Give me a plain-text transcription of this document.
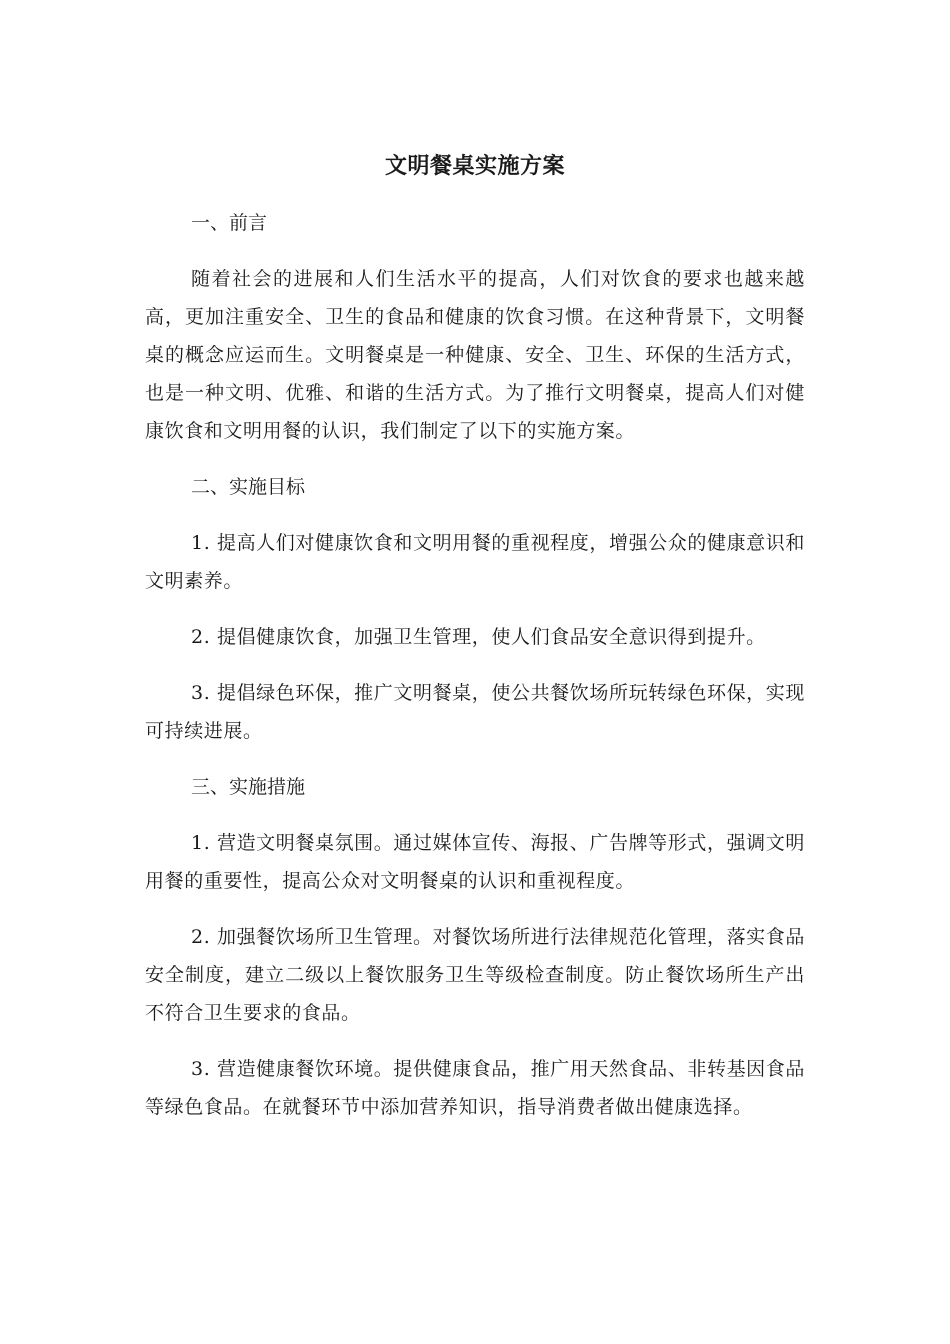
文明餐桌实施方案

一、前言

随着社会的进展和人们生活水平的提高，人们对饮食的要求也越来越高，更加注重安全、卫生的食品和健康的饮食习惯。在这种背景下，文明餐桌的概念应运而生。文明餐桌是一种健康、安全、卫生、环保的生活方式，也是一种文明、优雅、和谐的生活方式。为了推行文明餐桌，提高人们对健康饮食和文明用餐的认识，我们制定了以下的实施方案。

二、实施目标

1. 提高人们对健康饮食和文明用餐的重视程度，增强公众的健康意识和文明素养。

2. 提倡健康饮食，加强卫生管理，使人们食品安全意识得到提升。

3. 提倡绿色环保，推广文明餐桌，使公共餐饮场所玩转绿色环保，实现可持续进展。

三、实施措施

1. 营造文明餐桌氛围。通过媒体宣传、海报、广告牌等形式，强调文明用餐的重要性，提高公众对文明餐桌的认识和重视程度。

2. 加强餐饮场所卫生管理。对餐饮场所进行法律规范化管理，落实食品安全制度，建立二级以上餐饮服务卫生等级检查制度。防止餐饮场所生产出不符合卫生要求的食品。

3. 营造健康餐饮环境。提供健康食品，推广用天然食品、非转基因食品等绿色食品。在就餐环节中添加营养知识，指导消费者做出健康选择。
